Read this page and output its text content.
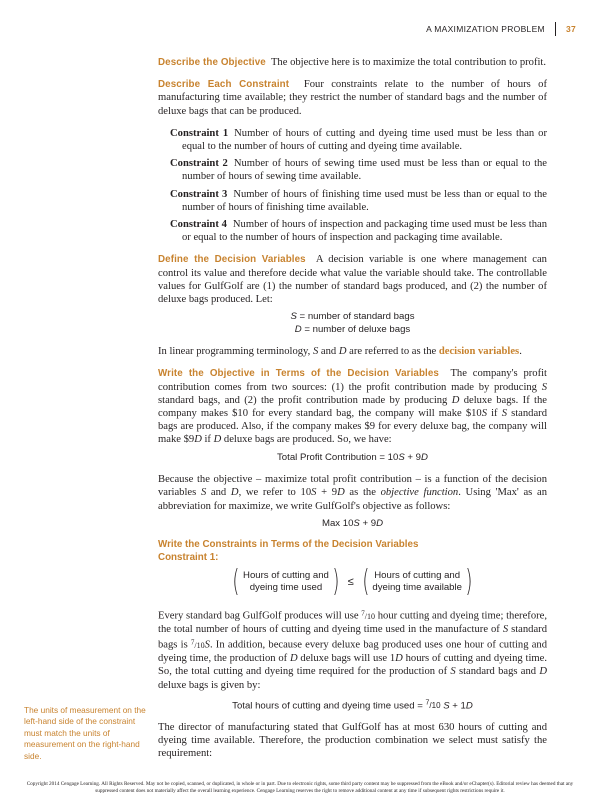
A MAXIMIZATION PROBLEM 37

Describe the Objective The objective here is to maximize the total contribution to profit.

Describe Each Constraint Four constraints relate to the number of hours of manufacturing time available; they restrict the number of standard bags and the number of deluxe bags that can be produced.

Constraint 1 Number of hours of cutting and dyeing time used must be less than or equal to the number of hours of cutting and dyeing time available.

Constraint 2 Number of hours of sewing time used must be less than or equal to the number of hours of sewing time available.

Constraint 3 Number of hours of finishing time used must be less than or equal to the number of hours of finishing time available.

Constraint 4 Number of hours of inspection and packaging time used must be less than or equal to the number of hours of inspection and packaging time available.

Define the Decision Variables A decision variable is one where management can control its value and therefore decide what value the variable should take. The controllable values for GulfGolf are (1) the number of standard bags produced, and (2) the number of deluxe bags produced. Let:

S = number of standard bags
D = number of deluxe bags

In linear programming terminology, S and D are referred to as the decision variables.

Write the Objective in Terms of the Decision Variables The company's profit contribution comes from two sources: (1) the profit contribution made by producing S standard bags, and (2) the profit contribution made by producing D deluxe bags. If the company makes $10 for every standard bag, the company will make $10S if S standard bags are produced. Also, if the company makes $9 for every deluxe bag, the company will make $9D if D deluxe bags are produced. So, we have:

Total Profit Contribution = 10S + 9D

Because the objective – maximize total profit contribution – is a function of the decision variables S and D, we refer to 10S + 9D as the objective function. Using 'Max' as an abbreviation for maximize, we write GulfGolf's objective as follows:

Max 10S + 9D
Write the Constraints in Terms of the Decision Variables
Constraint 1:
( Hours of cutting and
dyeing time used ) ≤ ( Hours of cutting and
dyeing time available )

Every standard bag GulfGolf produces will use $^7$/10 hour cutting and dyeing time; therefore, the total number of hours of cutting and dyeing time used in the manufacture of S standard bags is $^7$/10S. In addition, because every deluxe bag produced uses one hour of cutting and dyeing time, the production of D deluxe bags will use 1D hours of cutting and dyeing time. So, the total cutting and dyeing time required for the production of S standard bags and D deluxe bags is given by:

Total hours of cutting and dyeing time used = $^7$/10 S + 1D

The director of manufacturing stated that GulfGolf has at most 630 hours of cutting and dyeing time available. Therefore, the production combination we select must satisfy the requirement:

The units of measurement on the left-hand side of the constraint must match the units of measurement on the right-hand side.
Copyright 2014 Cengage Learning. All Rights Reserved. May not be copied, scanned, or duplicated, in whole or in part. Due to electronic rights, some third party content may be suppressed from the eBook and/or eChapter(s). Editorial review has deemed that any suppressed content does not materially affect the overall learning experience. Cengage Learning reserves the right to remove additional content at any time if subsequent rights restrictions require it.
